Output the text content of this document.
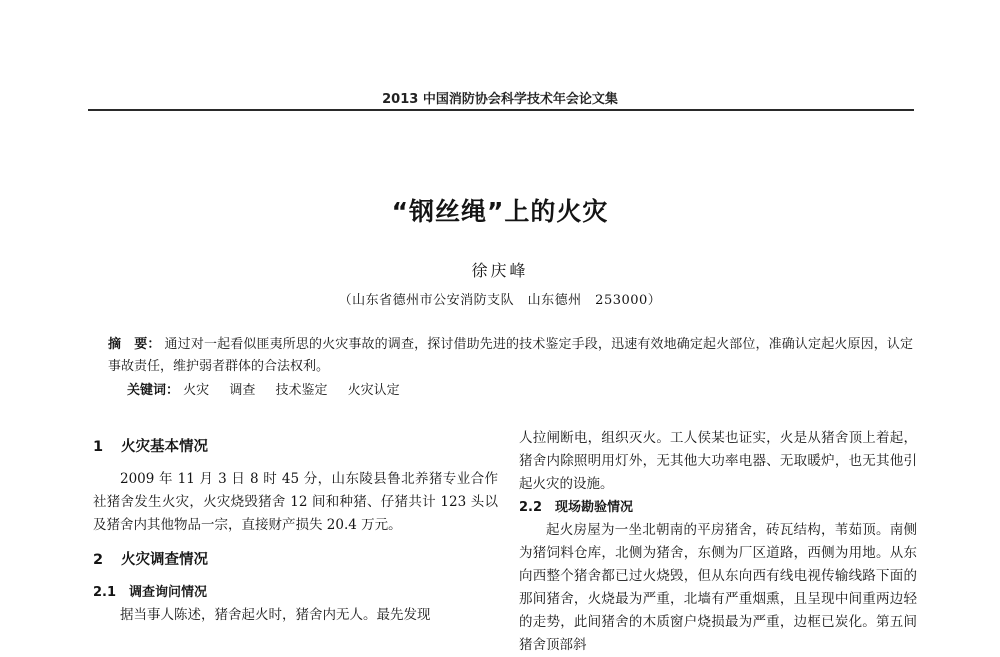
2013 中国消防协会科学技术年会论文集
“钢丝绳”上的火灾
徐庆峰
（山东省德州市公安消防支队　山东德州　253000）
摘　要： 通过对一起看似匪夷所思的火灾事故的调查，探讨借助先进的技术鉴定手段，迅速有效地确定起火部位，准确认定起火原因，认定事故责任，维护弱者群体的合法权利。
关键词： 火灾 调查 技术鉴定 火灾认定
1 火灾基本情况

2009 年 11 月 3 日 8 时 45 分，山东陵县鲁北养猪专业合作社猪舍发生火灾，火灾烧毁猪舍 12 间和种猪、仔猪共计 123 头以及猪舍内其他物品一宗，直接财产损失 20.4 万元。

2 火灾调查情况
2.1 调查询问情况

据当事人陈述，猪舍起火时，猪舍内无人。最先发现

人拉闸断电，组织灭火。工人侯某也证实，火是从猪舍顶上着起，猪舍内除照明用灯外，无其他大功率电器、无取暖炉，也无其他引起火灾的设施。

2.2 现场勘验情况

起火房屋为一坐北朝南的平房猪舍，砖瓦结构，苇茹顶。南侧为猪饲料仓库，北侧为猪舍，东侧为厂区道路，西侧为用地。从东向西整个猪舍都已过火烧毁，但从东向西有线电视传输线路下面的那间猪舍，火烧最为严重，北墙有严重烟熏，且呈现中间重两边轻的走势，此间猪舍的木质窗户烧损最为严重，边框已炭化。第五间猪舍顶部斜
